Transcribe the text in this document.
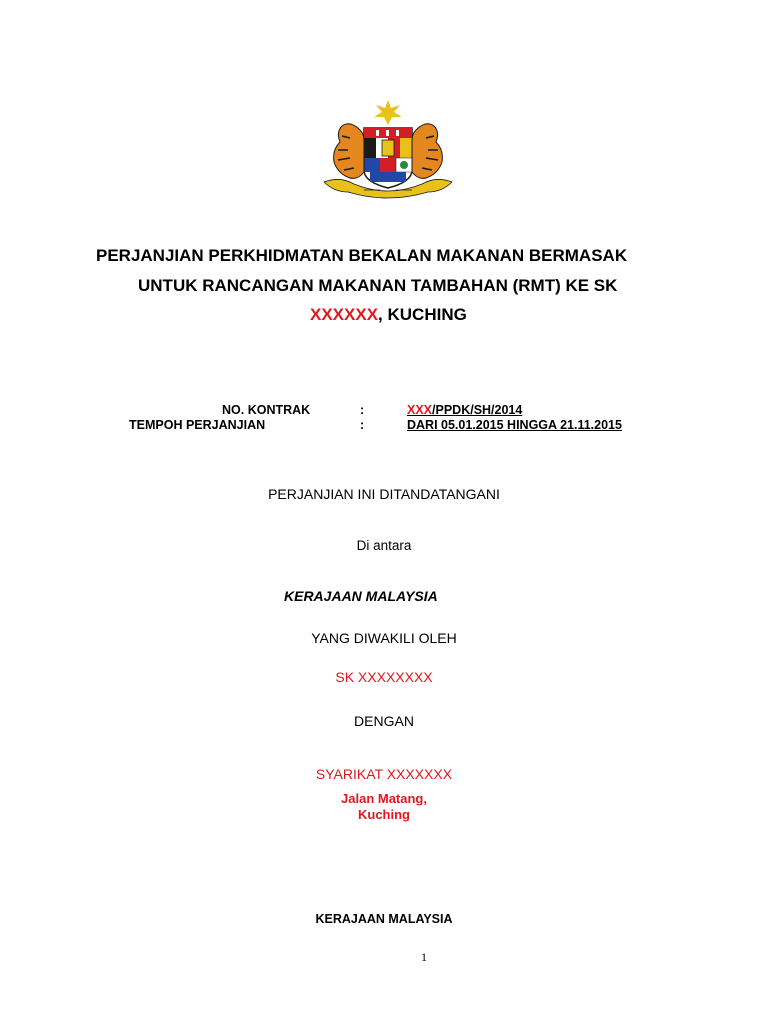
PERJANJIAN PERKHIDMATAN BEKALAN MAKANAN BERMASAK
UNTUK RANCANGAN MAKANAN TAMBAHAN (RMT) KE SK
XXXXXX, KUCHING
NO. KONTRAK	:	XXX/PPDK/SH/2014
TEMPOH PERJANJIAN	:	DARI 05.01.2015 HINGGA 21.11.2015
PERJANJIAN INI DITANDATANGANI
Di antara
KERAJAAN MALAYSIA
YANG DIWAKILI OLEH
SK XXXXXXXX
DENGAN
SYARIKAT XXXXXXX
Jalan Matang,
Kuching
KERAJAAN MALAYSIA
1
